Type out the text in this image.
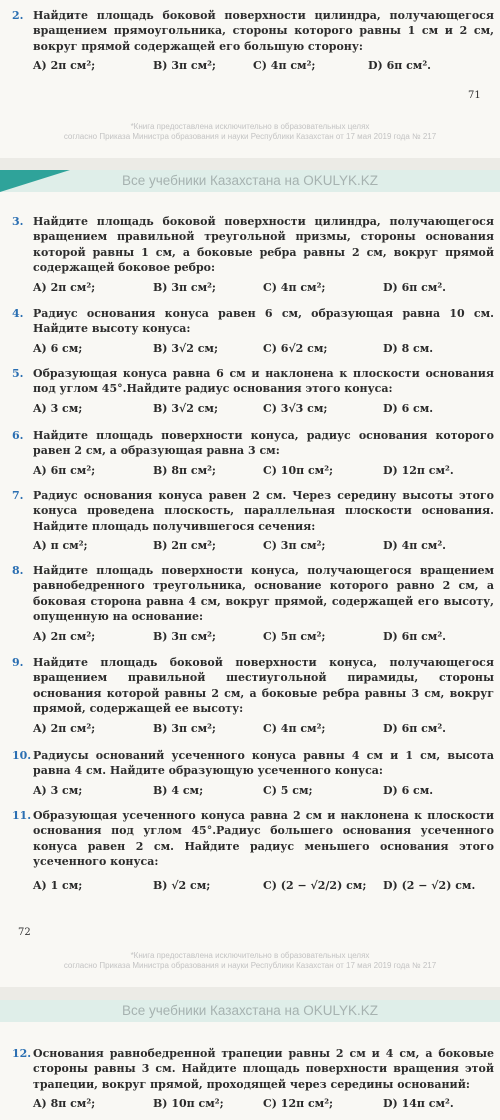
2. Найдите площадь боковой поверхности цилиндра, получающегося вращением прямоугольника, стороны которого равны 1 см и 2 см, вокруг прямой содержащей его большую сторону:
A) 2π см²;	B) 3π см²;	C) 4π см²;	D) 6π см².
71
*Книга предоставлена исключительно в образовательных целях
согласно Приказа Министра образования и науки Республики Казахстан от 17 мая 2019 года № 217
Все учебники Казахстана на OKULYK.KZ
3. Найдите площадь боковой поверхности цилиндра, получающегося вращением правильной треугольной призмы, стороны основания которой равны 1 см, а боковые ребра равны 2 см, вокруг прямой содержащей боковое ребро:
A) 2π см²;	B) 3π см²;	C) 4π см²;	D) 6π см².
4. Радиус основания конуса равен 6 см, образующая равна 10 см. Найдите высоту конуса:
A) 6 см;	B) 3√2 см;	C) 6√2 см;	D) 8 см.
5. Образующая конуса равна 6 см и наклонена к плоскости основания под углом 45°.Найдите радиус основания этого конуса:
A) 3 см;	B) 3√2 см;	C) 3√3 см;	D) 6 см.
6. Найдите площадь поверхности конуса, радиус основания которого равен 2 см, а образующая равна 3 см:
A) 6π см²;	B) 8π см²;	C) 10π см²;	D) 12π см².
7. Радиус основания конуса равен 2 см. Через середину высоты этого конуса проведена плоскость, параллельная плоскости основания. Найдите площадь получившегося сечения:
A) π см²;	B) 2π см²;	C) 3π см²;	D) 4π см².
8. Найдите площадь поверхности конуса, получающегося вращением равнобедренного треугольника, основание которого равно 2 см, а боковая сторона равна 4 см, вокруг прямой, содержащей его высоту, опущенную на основание:
A) 2π см²;	B) 3π см²;	C) 5π см²;	D) 6π см².
9. Найдите площадь боковой поверхности конуса, получающегося вращением правильной шестиугольной пирамиды, стороны основания которой равны 2 см, а боковые ребра равны 3 см, вокруг прямой, содержащей ее высоту:
A) 2π см²;	B) 3π см²;	C) 4π см²;	D) 6π см².
10. Радиусы оснований усеченного конуса равны 4 см и 1 см, высота равна 4 см. Найдите образующую усеченного конуса:
A) 3 см;	B) 4 см;	C) 5 см;	D) 6 см.
11. Образующая усеченного конуса равна 2 см и наклонена к плоскости основания под углом 45°.Радиус большего основания усеченного конуса равен 2 см. Найдите радиус меньшего основания этого усеченного конуса:
A) 1 см;	B) √2 см;	C) (2 − √2/2) см; D) (2 − √2) см.
72
*Книга предоставлена исключительно в образовательных целях
согласно Приказа Министра образования и науки Республики Казахстан от 17 мая 2019 года № 217
Все учебники Казахстана на OKULYK.KZ
12. Основания равнобедренной трапеции равны 2 см и 4 см, а боковые стороны равны 3 см. Найдите площадь поверхности вращения этой трапеции, вокруг прямой, проходящей через середины оснований:
A) 8π см²;	B) 10π см²;	C) 12π см²;	D) 14π см².
